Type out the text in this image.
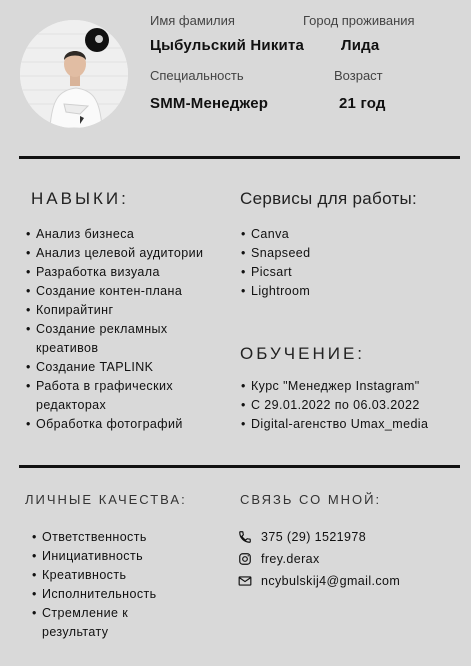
Имя фамилия
Цыбульский Никита
Город проживания
Лида
Специальность
SMM-Менеджер
Возраст
21 год
НАВЫКИ:
• Анализ бизнеса
• Анализ целевой аудитории
• Разработка визуала
• Создание контен-плана
• Копирайтинг
• Создание рекламных
креативов
• Создание TAPLINK
• Работа в графических
редакторах
• Обработка фотографий
Сервисы для работы:
• Canva
• Snapseed
• Picsart
• Lightroom
ОБУЧЕНИЕ:
• Курс "Менеджер Instagram"
• С 29.01.2022 по 06.03.2022
• Digital-агенство Umax_media
ЛИЧНЫЕ КАЧЕСТВА:
• Ответственность
• Инициативность
• Креативность
• Исполнительность
• Стремление к
результату
СВЯЗЬ СО МНОЙ:
375 (29) 1521978
frey.derax
ncybulskij4@gmail.com
